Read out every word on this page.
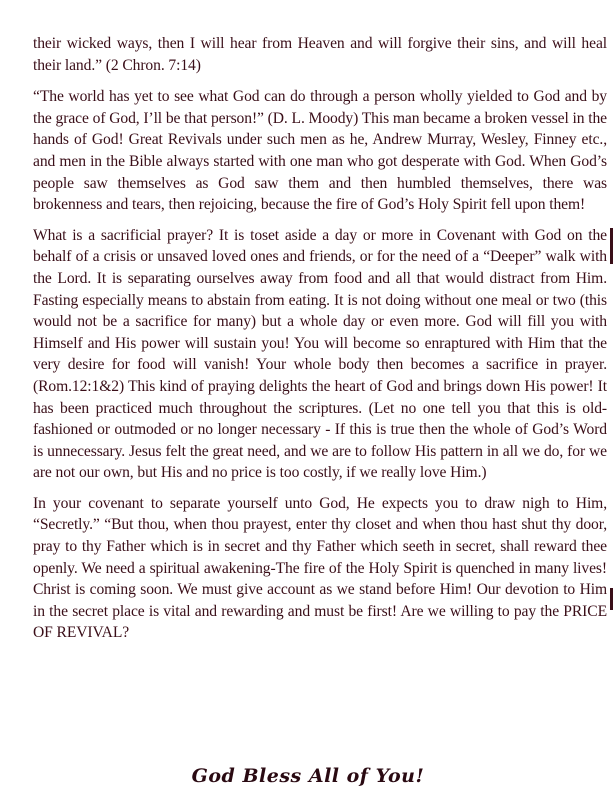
their wicked ways, then I will hear from Heaven and will forgive their sins, and will heal their land.” (2 Chron. 7:14)

“The world has yet to see what God can do through a person wholly yielded to God and by the grace of God, I’ll be that person!” (D. L. Moody) This man became a broken vessel in the hands of God! Great Revivals under such men as he, Andrew Murray, Wesley, Finney etc., and men in the Bible always started with one man who got desperate with God. When God’s people saw themselves as God saw them and then humbled themselves, there was brokenness and tears, then rejoicing, because the fire of God’s Holy Spirit fell upon them!

What is a sacrificial prayer? It is toset aside a day or more in Covenant with God on the behalf of a crisis or unsaved loved ones and friends, or for the need of a “Deeper” walk with the Lord. It is separating ourselves away from food and all that would distract from Him. Fasting especially means to abstain from eating. It is not doing without one meal or two (this would not be a sacrifice for many) but a whole day or even more. God will fill you with Himself and His power will sustain you! You will become so enraptured with Him that the very desire for food will vanish! Your whole body then becomes a sacrifice in prayer. (Rom.12:1&2) This kind of praying delights the heart of God and brings down His power! It has been practiced much throughout the scriptures. (Let no one tell you that this is old-fashioned or outmoded or no longer necessary - If this is true then the whole of God’s Word is unnecessary. Jesus felt the great need, and we are to follow His pattern in all we do, for we are not our own, but His and no price is too costly, if we really love Him.)

In your covenant to separate yourself unto God, He expects you to draw nigh to Him, “Secretly.” “But thou, when thou prayest, enter thy closet and when thou hast shut thy door, pray to thy Father which is in secret and thy Father which seeth in secret, shall reward thee openly. We need a spiritual awakening-The fire of the Holy Spirit is quenched in many lives! Christ is coming soon. We must give account as we stand before Him! Our devotion to Him in the secret place is vital and rewarding and must be first! Are we willing to pay the PRICE OF REVIVAL?

God Bless All of You!
